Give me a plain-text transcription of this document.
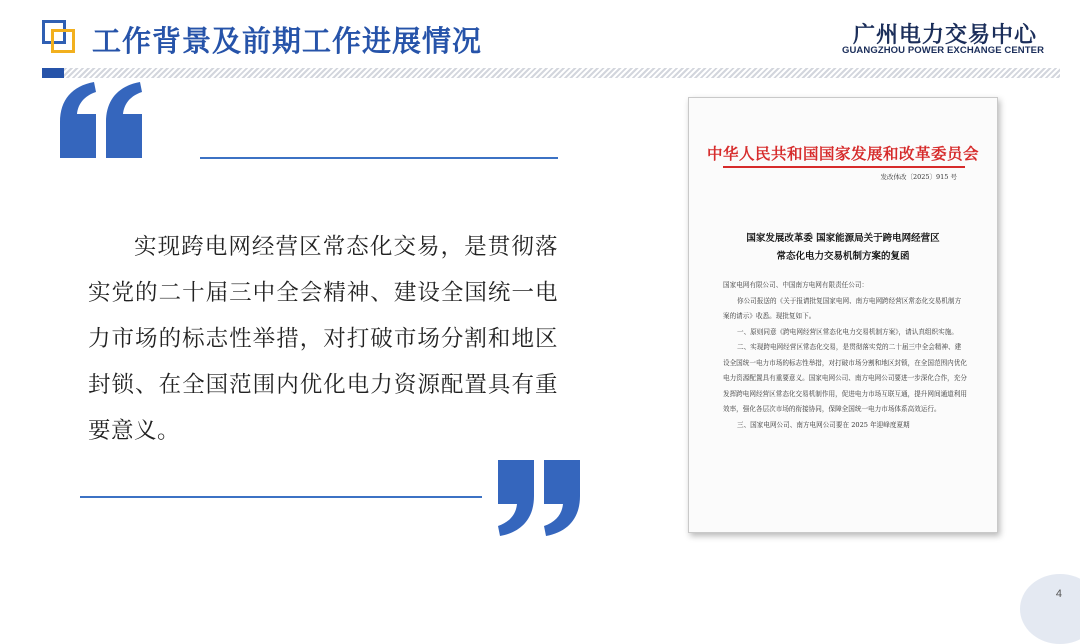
工作背景及前期工作进展情况	广州电力交易中心
GUANGZHOU POWER EXCHANGE CENTER
实现跨电网经营区常态化交易，是贯彻落实党的二十届三中全会精神、建设全国统一电力市场的标志性举措，对打破市场分割和地区封锁、在全国范围内优化电力资源配置具有重要意义。
中华人民共和国国家发展和改革委员会
发改体改〔2025〕915 号
国家发展改革委 国家能源局关于跨电网经营区
常态化电力交易机制方案的复函

国家电网有限公司、中国南方电网有限责任公司：

你公司报送的《关于报请批复国家电网、南方电网跨经营区常态化交易机制方案的请示》收悉。现批复如下。

一、原则同意《跨电网经营区常态化电力交易机制方案》，请认真组织实施。

二、实现跨电网经营区常态化交易，是贯彻落实党的二十届三中全会精神、建设全国统一电力市场的标志性举措，对打破市场分割和地区封锁，在全国范围内优化电力资源配置具有重要意义。国家电网公司、南方电网公司要进一步深化合作，充分发挥跨电网经营区常态化交易机制作用，促进电力市场互联互通，提升网间通道利用效率，强化各层次市场的衔接协同，保障全国统一电力市场体系高效运行。

三、国家电网公司、南方电网公司要在 2025 年迎峰度夏期

4
